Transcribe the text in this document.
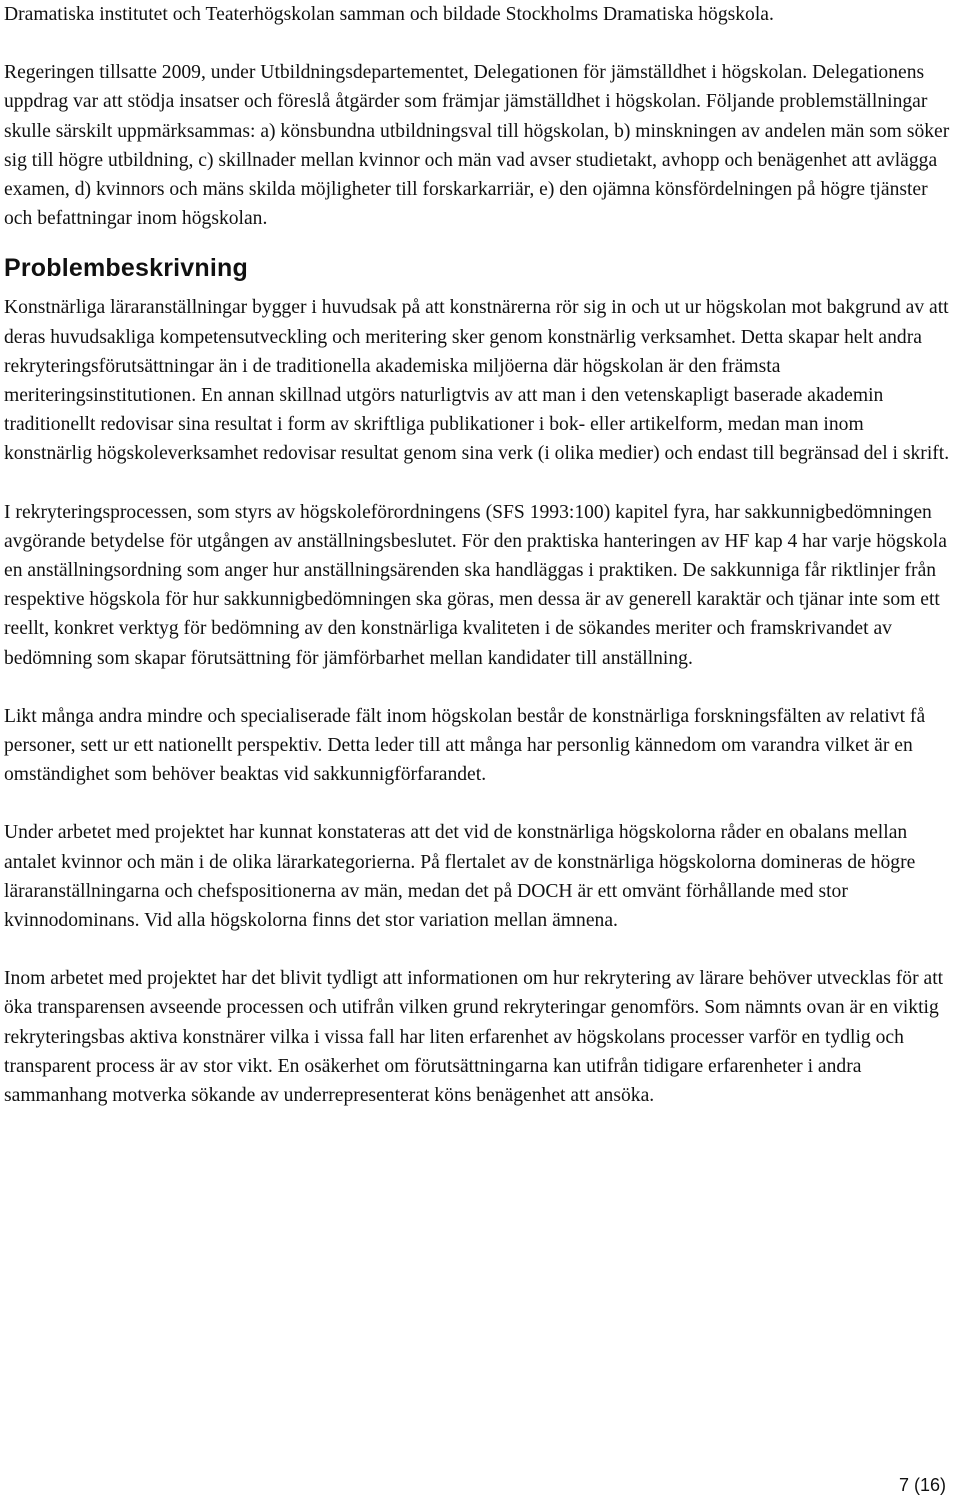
Dramatiska institutet och Teaterhögskolan samman och bildade Stockholms Dramatiska högskola.

Regeringen tillsatte 2009, under Utbildningsdepartementet, Delegationen för jämställdhet i högskolan. Delegationens uppdrag var att stödja insatser och föreslå åtgärder som främjar jämställdhet i högskolan. Följande problemställningar skulle särskilt uppmärksammas: a) könsbundna utbildningsval till högskolan, b) minskningen av andelen män som söker sig till högre utbildning, c) skillnader mellan kvinnor och män vad avser studietakt, avhopp och benägenhet att avlägga examen, d) kvinnors och mäns skilda möjligheter till forskarkarriär, e) den ojämna könsfördelningen på högre tjänster och befattningar inom högskolan.

Problembeskrivning

Konstnärliga läraranställningar bygger i huvudsak på att konstnärerna rör sig in och ut ur högskolan mot bakgrund av att deras huvudsakliga kompetensutveckling och meritering sker genom konstnärlig verksamhet. Detta skapar helt andra rekryteringsförutsättningar än i de traditionella akademiska miljöerna där högskolan är den främsta meriteringsinstitutionen. En annan skillnad utgörs naturligtvis av att man i den vetenskapligt baserade akademin traditionellt redovisar sina resultat i form av skriftliga publikationer i bok- eller artikelform, medan man inom konstnärlig högskoleverksamhet redovisar resultat genom sina verk (i olika medier) och endast till begränsad del i skrift.

I rekryteringsprocessen, som styrs av högskoleförordningens (SFS 1993:100) kapitel fyra, har sakkunnigbedömningen avgörande betydelse för utgången av anställningsbeslutet. För den praktiska hanteringen av HF kap 4 har varje högskola en anställningsordning som anger hur anställningsärenden ska handläggas i praktiken. De sakkunniga får riktlinjer från respektive högskola för hur sakkunnigbedömningen ska göras, men dessa är av generell karaktär och tjänar inte som ett reellt, konkret verktyg för bedömning av den konstnärliga kvaliteten i de sökandes meriter och framskrivandet av bedömning som skapar förutsättning för jämförbarhet mellan kandidater till anställning.

Likt många andra mindre och specialiserade fält inom högskolan består de konstnärliga forskningsfälten av relativt få personer, sett ur ett nationellt perspektiv. Detta leder till att många har personlig kännedom om varandra vilket är en omständighet som behöver beaktas vid sakkunnigförfarandet.

Under arbetet med projektet har kunnat konstateras att det vid de konstnärliga högskolorna råder en obalans mellan antalet kvinnor och män i de olika lärarkategorierna. På flertalet av de konstnärliga högskolorna domineras de högre läraranställningarna och chefspositionerna av män, medan det på DOCH är ett omvänt förhållande med stor kvinnodominans. Vid alla högskolorna finns det stor variation mellan ämnena.

Inom arbetet med projektet har det blivit tydligt att informationen om hur rekrytering av lärare behöver utvecklas för att öka transparensen avseende processen och utifrån vilken grund rekryteringar genomförs. Som nämnts ovan är en viktig rekryteringsbas aktiva konstnärer vilka i vissa fall har liten erfarenhet av högskolans processer varför en tydlig och transparent process är av stor vikt. En osäkerhet om förutsättningarna kan utifrån tidigare erfarenheter i andra sammanhang motverka sökande av underrepresenterat köns benägenhet att ansöka.

7 (16)
